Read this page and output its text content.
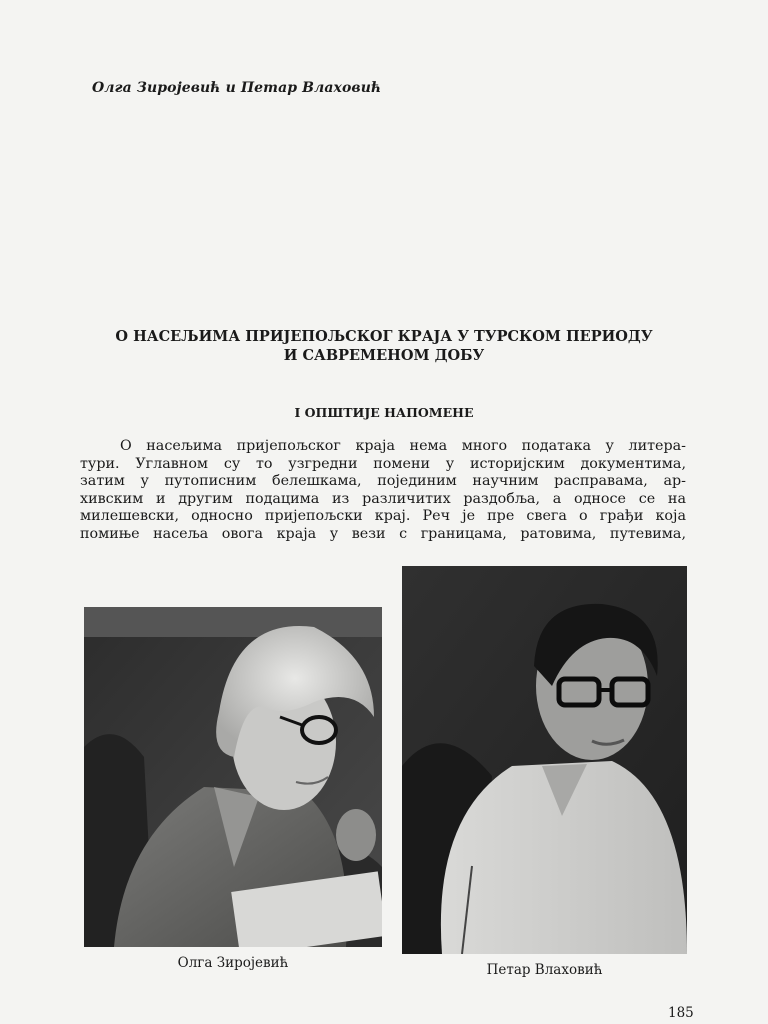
Олга Зиројевић и Петар Влаховић
О НАСЕЉИМА ПРИЈЕПОЉСКОГ КРАЈА У ТУРСКОМ ПЕРИОДУ
И САВРЕМЕНОМ ДОБУ
I ОПШТИЈЕ НАПОМЕНЕ
О насељима пријепољског краја нема много података у литера-
тури. Углавном су то узгредни помени у историјским документима,
затим у путописним белешкама, појединим научним расправама, ар-
хивским и другим подацима из различитих раздобља, а односе се на
милешевски, односно пријепољски крај. Реч је пре свега о грађи која
помиње насеља овога краја у вези с границама, ратовима, путевима,
Олга Зиројевић	Петар Влаховић
185
